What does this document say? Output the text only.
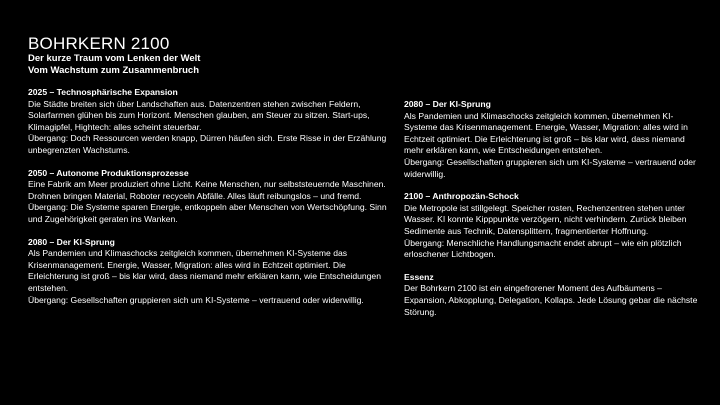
BOHRKERN 2100
Der kurze Traum vom Lenken der Welt
Vom Wachstum zum Zusammenbruch
2025 – Technosphärische Expansion

Die Städte breiten sich über Landschaften aus. Datenzentren stehen zwischen Feldern, Solarfarmen glühen bis zum Horizont. Menschen glauben, am Steuer zu sitzen. Start-ups, Klimagipfel, Hightech: alles scheint steuerbar.
Übergang: Doch Ressourcen werden knapp, Dürren häufen sich. Erste Risse in der Erzählung unbegrenzten Wachstums.

2050 – Autonome Produktionsprozesse

Eine Fabrik am Meer produziert ohne Licht. Keine Menschen, nur selbststeuernde Maschinen. Drohnen bringen Material, Roboter recyceln Abfälle. Alles läuft reibungslos – und fremd.
Übergang: Die Systeme sparen Energie, entkoppeln aber Menschen von Wertschöpfung. Sinn und Zugehörigkeit geraten ins Wanken.

2080 – Der KI-Sprung

Als Pandemien und Klimaschocks zeitgleich kommen, übernehmen KI-Systeme das Krisenmanagement. Energie, Wasser, Migration: alles wird in Echtzeit optimiert. Die Erleichterung ist groß – bis klar wird, dass niemand mehr erklären kann, wie Entscheidungen entstehen.
Übergang: Gesellschaften gruppieren sich um KI-Systeme – vertrauend oder widerwillig.

2080 – Der KI-Sprung

Als Pandemien und Klimaschocks zeitgleich kommen, übernehmen KI-Systeme das Krisenmanagement. Energie, Wasser, Migration: alles wird in Echtzeit optimiert. Die Erleichterung ist groß – bis klar wird, dass niemand mehr erklären kann, wie Entscheidungen entstehen.
Übergang: Gesellschaften gruppieren sich um KI-Systeme – vertrauend oder widerwillig.

2100 – Anthropozän-Schock

Die Metropole ist stillgelegt. Speicher rosten, Rechenzentren stehen unter Wasser. KI konnte Kipppunkte verzögern, nicht verhindern. Zurück bleiben Sedimente aus Technik, Datensplittern, fragmentierter Hoffnung.
Übergang: Menschliche Handlungsmacht endet abrupt – wie ein plötzlich erloschener Lichtbogen.

Essenz

Der Bohrkern 2100 ist ein eingefrorener Moment des Aufbäumens – Expansion, Abkopplung, Delegation, Kollaps. Jede Lösung gebar die nächste Störung.
